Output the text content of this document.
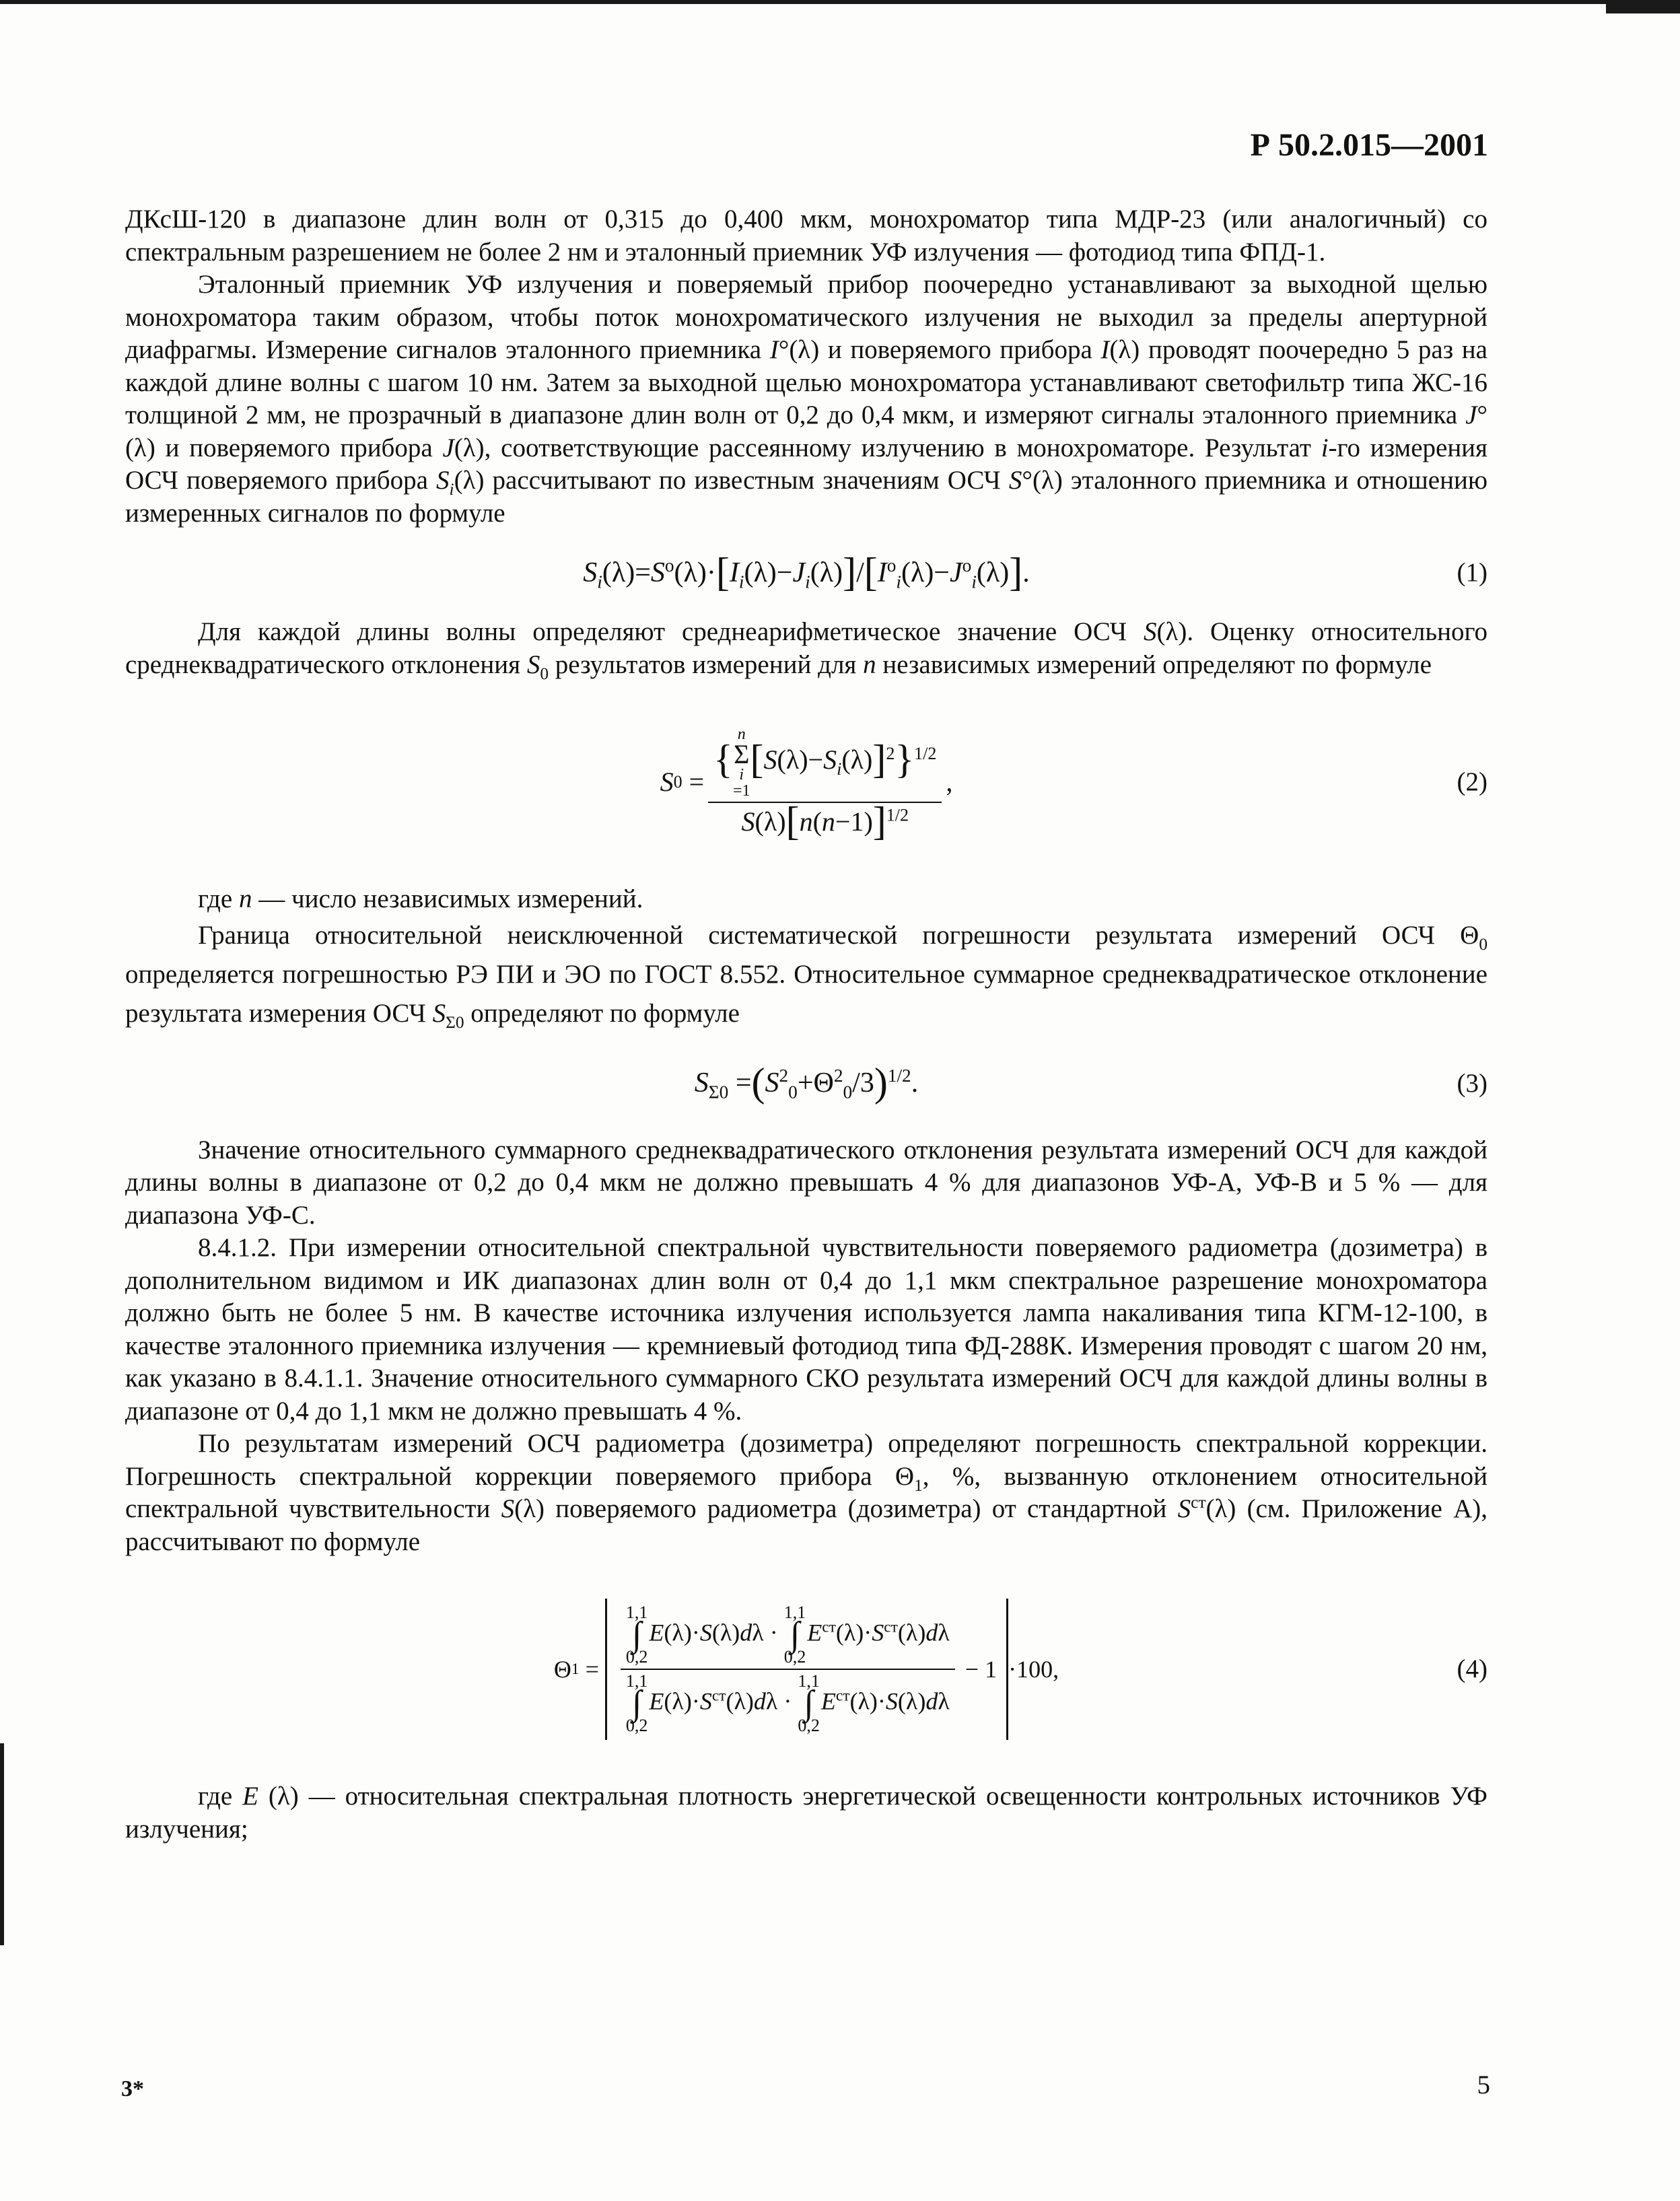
Р 50.2.015—2001

ДКсШ-120 в диапазоне длин волн от 0,315 до 0,400 мкм, монохроматор типа МДР-23 (или аналогичный) со спектральным разрешением не более 2 нм и эталонный приемник УФ излучения — фотодиод типа ФПД-1.

Эталонный приемник УФ излучения и поверяемый прибор поочередно устанавливают за выходной щелью монохроматора таким образом, чтобы поток монохроматического излучения не выходил за пределы апертурной диафрагмы. Измерение сигналов эталонного приемника I°(λ) и поверяемого прибора I(λ) проводят поочередно 5 раз на каждой длине волны с шагом 10 нм. Затем за выходной щелью монохроматора устанавливают светофильтр типа ЖС-16 толщиной 2 мм, не прозрачный в диапазоне длин волн от 0,2 до 0,4 мкм, и измеряют сигналы эталонного приемника J°(λ) и поверяемого прибора J(λ), соответствующие рассеянному излучению в монохроматоре. Результат i-го измерения ОСЧ поверяемого прибора $S_i(\lambda)$ рассчитывают по известным значениям ОСЧ S°(λ) эталонного приемника и отношению измеренных сигналов по формуле

$S_i(\lambda)=S^o(\lambda)\cdot[I_i(\lambda)-J_i(\lambda)]/[I^o_i(\lambda)-J^o_i(\lambda)]$.	(1)

Для каждой длины волны определяют среднеарифметическое значение ОСЧ S(λ). Оценку относительного среднеквадратического отклонения $S_0$ результатов измерений для n независимых измерений определяют по формуле

S 0 = {
n
Σ
i
$=1[S(\lambda)-S_i(\lambda)]^2\}^{1/2}$
$S(\lambda)[n(n-1)]^{1/2}$ ,	(2)

где n — число независимых измерений.

Граница относительной неисключенной систематической погрешности результата измерений ОСЧ $\Theta_0$ определяется погрешностью РЭ ПИ и ЭО по ГОСТ 8.552. Относительное суммарное среднеквадратическое отклонение результата измерения ОСЧ $S_{\Sigma 0}$ определяют по формуле

$S_{\Sigma 0} =(S^2_0+\Theta^2_0/3)^{1/2}$.	(3)

Значение относительного суммарного среднеквадратического отклонения результата измерений ОСЧ для каждой длины волны в диапазоне от 0,2 до 0,4 мкм не должно превышать 4 % для диапазонов УФ-А, УФ-В и 5 % — для диапазона УФ-С.

8.4.1.2. При измерении относительной спектральной чувствительности поверяемого радиометра (дозиметра) в дополнительном видимом и ИК диапазонах длин волн от 0,4 до 1,1 мкм спектральное разрешение монохроматора должно быть не более 5 нм. В качестве источника излучения используется лампа накаливания типа КГМ-12-100, в качестве эталонного приемника излучения — кремниевый фотодиод типа ФД-288К. Измерения проводят с шагом 20 нм, как указано в 8.4.1.1. Значение относительного суммарного СКО результата измерений ОСЧ для каждой длины волны в диапазоне от 0,4 до 1,1 мкм не должно превышать 4 %.

По результатам измерений ОСЧ радиометра (дозиметра) определяют погрешность спектральной коррекции. Погрешность спектральной коррекции поверяемого прибора $\Theta_1$, %, вызванную отклонением относительной спектральной чувствительности S(λ) поверяемого радиометра (дозиметра) от стандартной $S^{ст}(\lambda)$ (см. Приложение А), рассчитывают по формуле

Θ 1 = 1,1
∫
0,2
E(λ)·S(λ)dλ ·
1,1
∫
0,2
$E^{ст}(\lambda)\cdot S^{ст}(\lambda)d\lambda$
1,1
∫
0,2
$E(\lambda)\cdot S^{ст}(\lambda)d\lambda$ ·
1,1
∫
0,2
$E^{ст}(\lambda)\cdot S(\lambda)d\lambda - 1 \cdot 100$,	(4)

где E (λ) — относительная спектральная плотность энергетической освещенности контрольных источников УФ излучения;

3*	5
